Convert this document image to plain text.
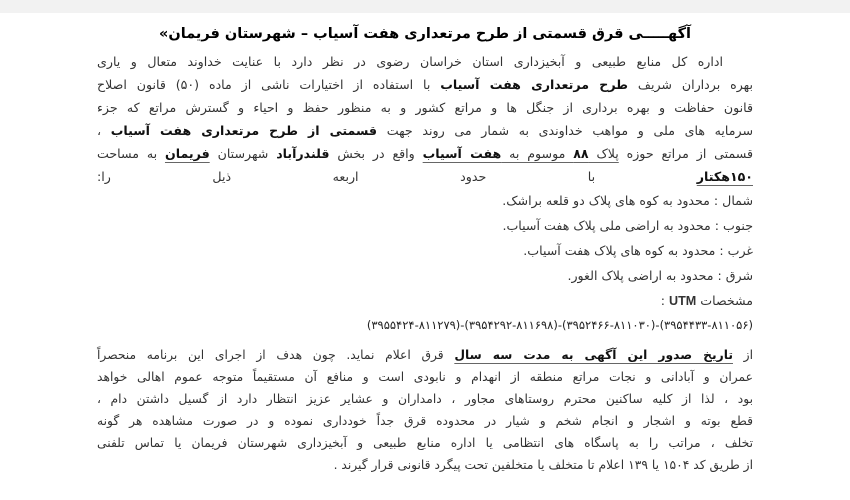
آگهـــــی قرق قسمتی از طرح مرتعداری هفت آسیاب – شهرستان فریمان»
اداره کل منابع طبیعی و آبخیزداری استان خراسان رضوی در نظر دارد با عنایت خداوند متعال و یاری
بهره برداران شریف طرح مرتعداری هفت آسیاب با استفاده از اختیارات ناشی از ماده (۵۰) قانون اصلاح
قانون حفاظت و بهره برداری از جنگل ها و مراتع کشور و به منظور حفظ و احیاء و گسترش مراتع که جزء
سرمایه های ملی و مواهب خداوندی به شمار می روند جهت قسمتی از طرح مرتعداری هفت آسیاب ،
قسمتی از مراتع حوزه پلاک ۸۸ موسوم به هفت آسیاب واقع در بخش قلندرآباد شهرستان فریمان به مساحت
۱۵۰هکتار با حدود اربعه ذیل را:
شمال : محدود به کوه های پلاک دو قلعه براشک.
جنوب : محدود به اراضی ملی پلاک هفت آسیاب.
غرب : محدود به کوه های پلاک هفت آسیاب.
شرق : محدود به اراضی پلاک الغور.
مشخصات UTM :
(۳۹۵۵۴۲۴-۸۱۱۲۷۹)-(۳۹۵۴۲۹۲-۸۱۱۶۹۸)-(۳۹۵۲۴۶۶-۸۱۱۰۳۰)-(۳۹۵۴۴۳۳-۸۱۱۰۵۶)
از تاریخ صدور این آگهی به مدت سه سال قرق اعلام نماید. چون هدف از اجرای این برنامه منحصراً
عمران و آبادانی و نجات مراتع منطقه از انهدام و نابودی است و منافع آن مستقیماً متوجه عموم اهالی خواهد
بود ، لذا از کلیه ساکنین محترم روستاهای مجاور ، دامداران و عشایر عزیز انتظار دارد از گسیل داشتن دام ،
قطع بوته و اشجار و انجام شخم و شیار در محدوده قرق جداً خودداری نموده و در صورت مشاهده هر گونه
تخلف ، مراتب را به پاسگاه های انتظامی یا اداره منابع طبیعی و آبخیزداری شهرستان فریمان یا تماس تلفنی
از طریق کد ۱۵۰۴ یا ۱۳۹ اعلام تا متخلف یا متخلفین تحت پیگرد قانونی قرار گیرند .
